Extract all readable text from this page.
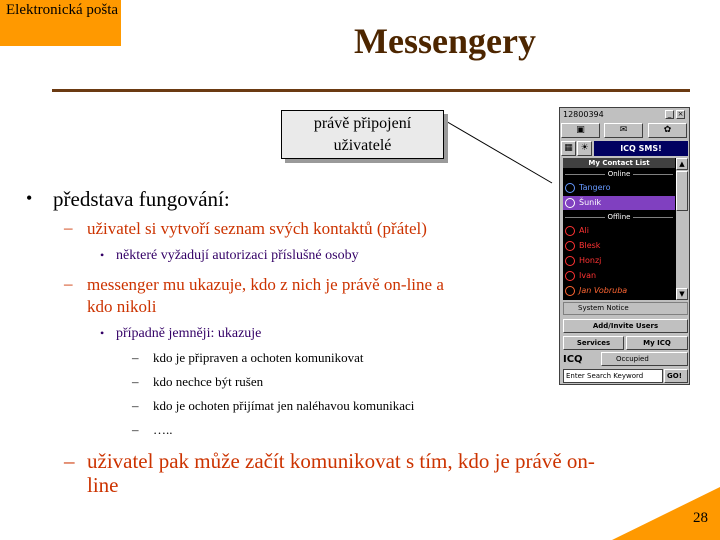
Elektronická pošta
Messengery
právě připojení
uživatelé
• představa fungování:
– uživatel si vytvoří seznam svých kontaktů (přátel)
• některé vyžadují autorizaci příslušné osoby
– messenger mu ukazuje, kdo z nich je právě on-line a
kdo nikoli
• případně jemněji: ukazuje
– kdo je připraven a ochoten komunikovat
– kdo nechce být rušen
– kdo je ochoten přijímat jen naléhavou komunikaci
– …..
– uživatel pak může začít komunikovat s tím, kdo je právě on-
line
28
12800394	_ ×
▣	✉	✿
▦ ☀	ICQ SMS!
My Contact List
Online
Tangero
Šunik
Offline
Ali
Blesk
Honzj
Ivan
Jan Vobruba
▲
▼
System Notice
Add/Invite Users
Services	My ICQ
ICQ	Occupied
Enter Search Keyword	GO!
